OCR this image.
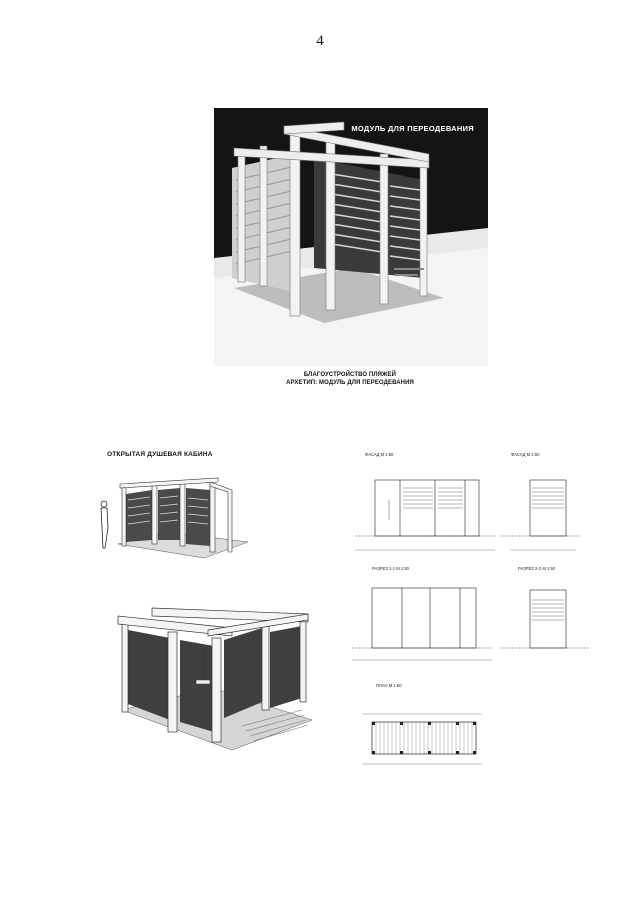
4
МОДУЛЬ ДЛЯ ПЕРЕОДЕВАНИЯ
БЛАГОУСТРОЙСТВО ПЛЯЖЕЙ
АРХЕТИП: МОДУЛЬ ДЛЯ ПЕРЕОДЕВАНИЯ
ОТКРЫТАЯ ДУШЕВАЯ КАБИНА	ФАСАД М 1:50	ФАСАД М 1:50
РАЗРЕЗ 1-1 М 1:50	РАЗРЕЗ 2-2 М 1:50
ПЛАН М 1:50
